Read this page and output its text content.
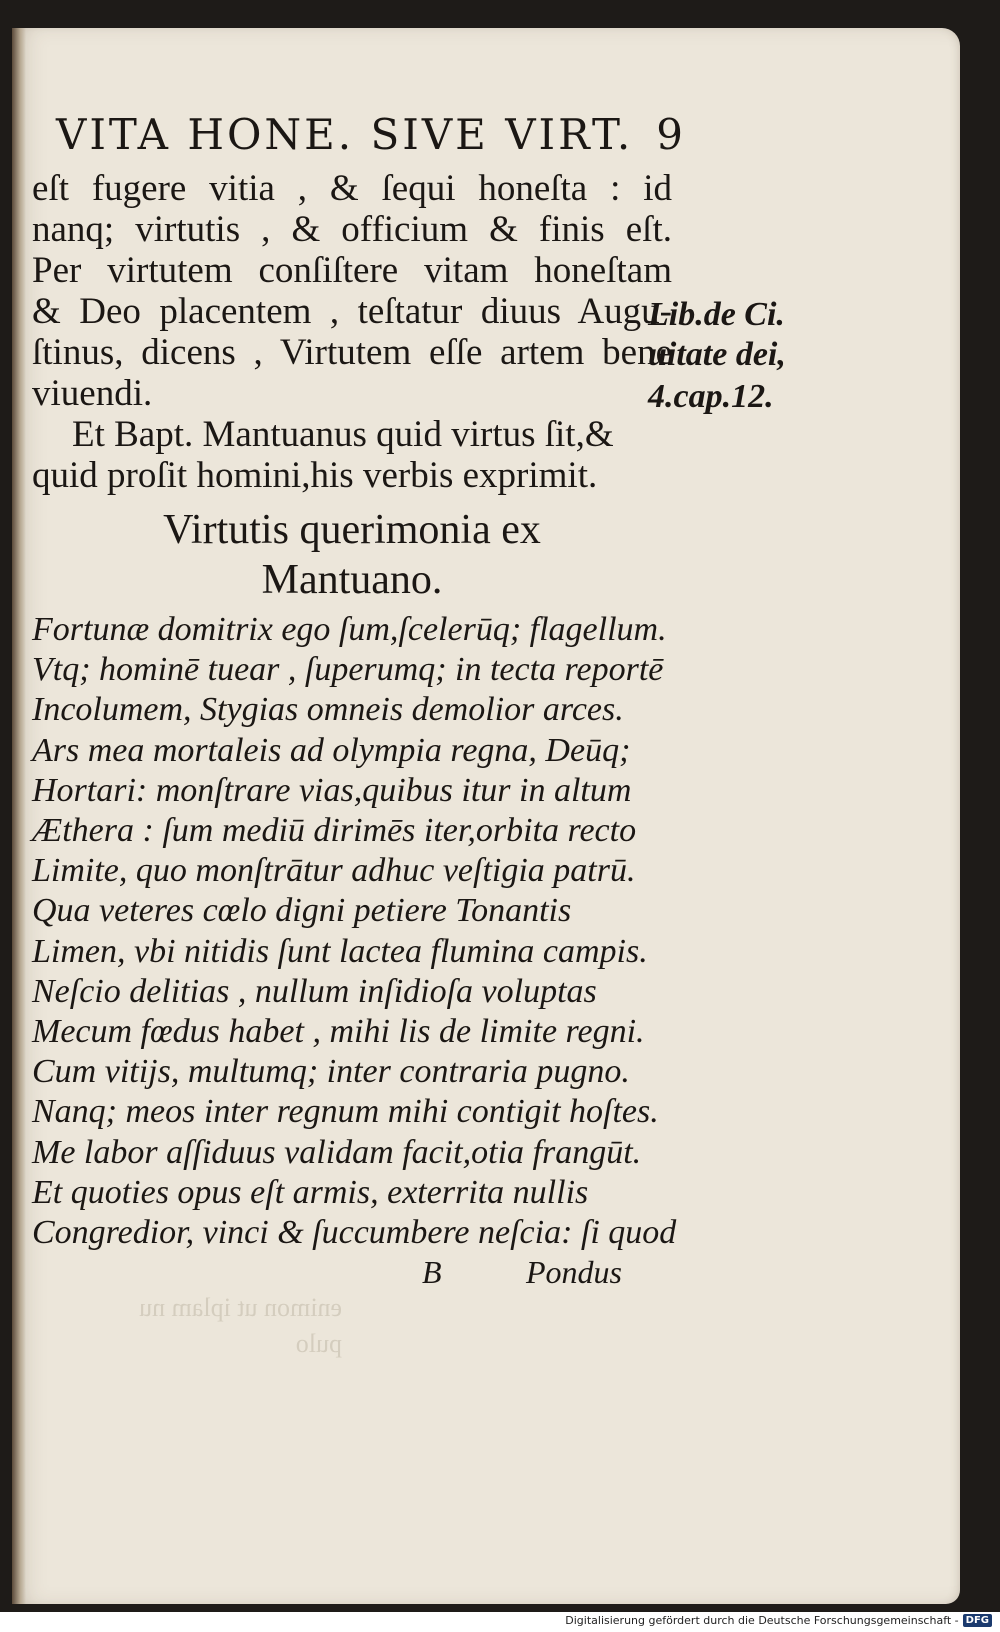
VITA HONE. SIVE VIRT. 9
eſt fugere vitia , & ſequi honeſta : id
nanq; virtutis , & officium & finis eſt.
Per virtutem conſiſtere vitam honeſtam
& Deo placentem , teſtatur diuus Augu-
ſtinus, dicens , Virtutem eſſe artem bene
viuendi.
Et Bapt. Mantuanus quid virtus ſit,&
quid proſit homini,his verbis exprimit.
Lib.de Ci.
uitate dei,
4.cap.12.
Virtutis querimonia ex
Mantuano.
Fortunæ domitrix ego ſum,ſcelerūq; flagellum.
Vtq; hominē tuear , ſuperumq; in tecta reportē
Incolumem, Stygias omneis demolior arces.
Ars mea mortaleis ad olympia regna, Deūq;
Hortari: monſtrare vias,quibus itur in altum
Æthera : ſum mediū dirimēs iter,orbita recto
Limite, quo monſtrātur adhuc veſtigia patrū.
Qua veteres cœlo digni petiere Tonantis
Limen, vbi nitidis ſunt lactea flumina campis.
Neſcio delitias , nullum inſidioſa voluptas
Mecum fœdus habet , mihi lis de limite regni.
Cum vitijs, multumq; inter contraria pugno.
Nanq; meos inter regnum mihi contigit hoſtes.
Me labor aſſiduus validam facit,otia frangūt.
Et quoties opus eſt armis, exterrita nullis
Congredior, vinci & ſuccumbere neſcia: ſi quod
B	Pondus
enimon ut iplam nu
pulo
Digitalisierung gefördert durch die Deutsche Forschungsgemeinschaft - DFG
